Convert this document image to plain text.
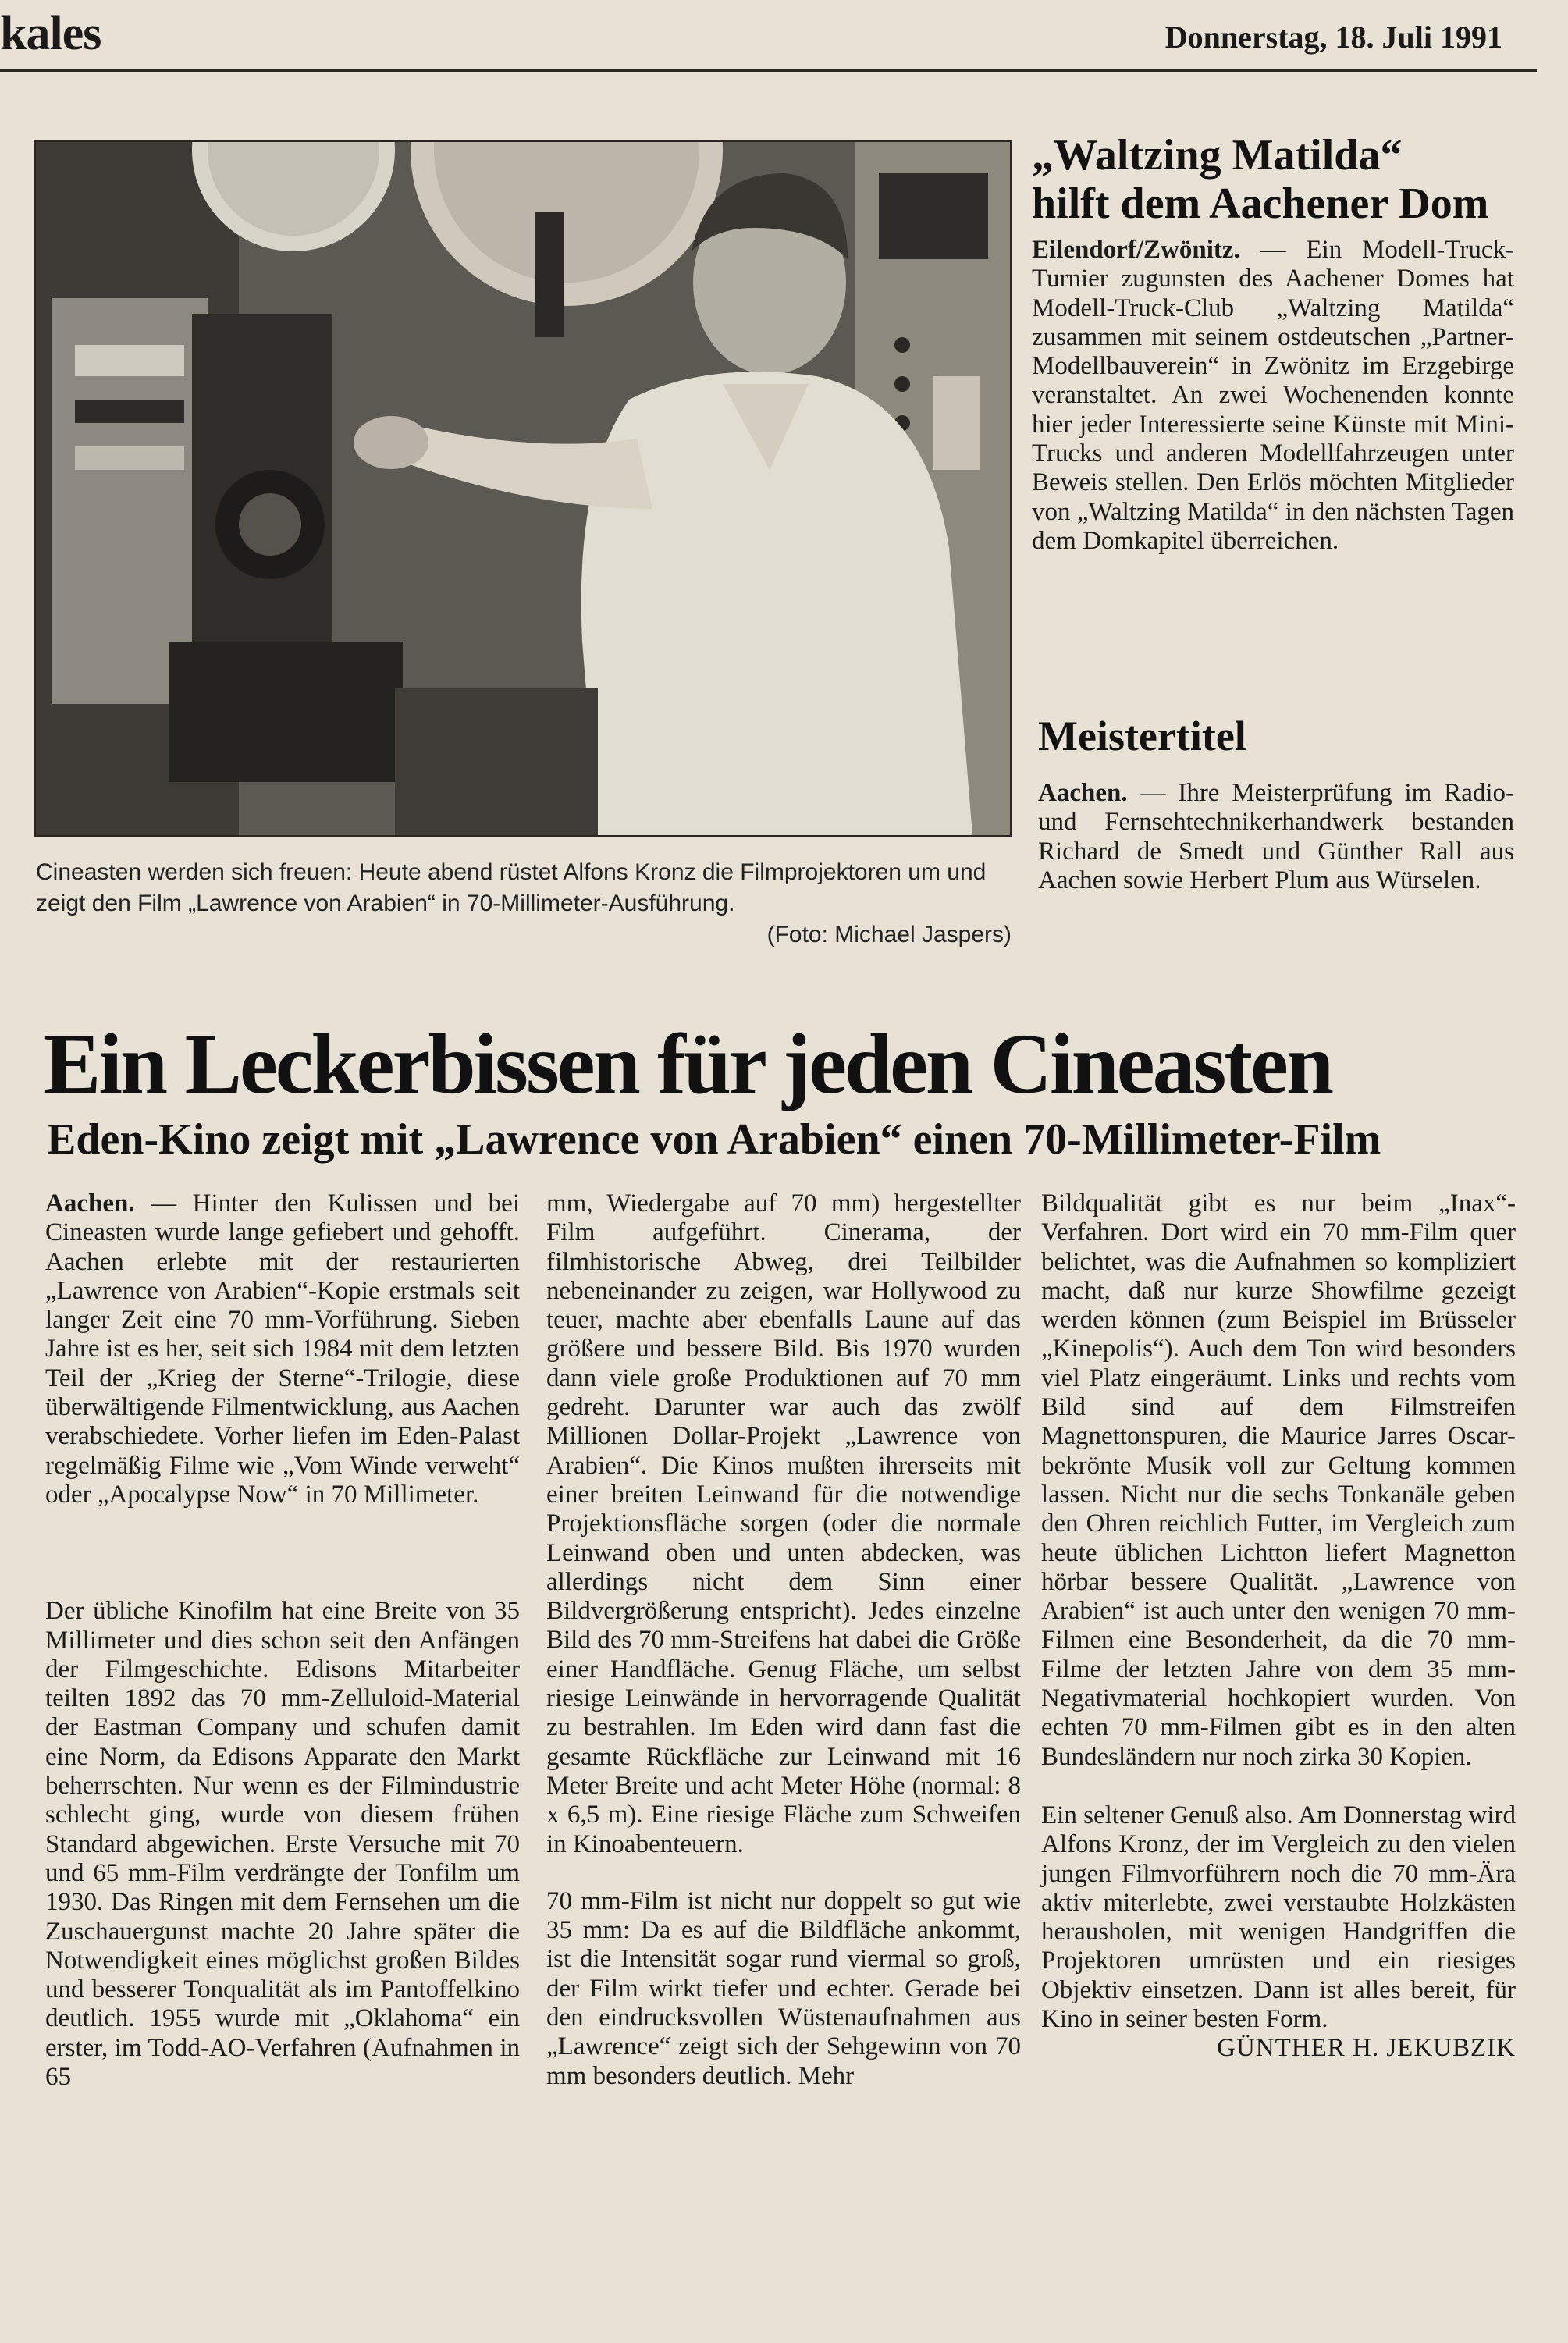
kales	Donnerstag, 18. Juli 1991
Cineasten werden sich freuen: Heute abend rüstet Alfons Kronz die Filmprojektoren um und zeigt den Film „Lawrence von Arabien“ in 70-Millimeter-Ausführung.
(Foto: Michael Jaspers)
„Waltzing Matilda“
hilft dem Aachener Dom
Eilendorf/Zwönitz. — Ein Modell-Truck-Turnier zugunsten des Aachener Domes hat Modell-Truck-Club „Waltzing Matilda“ zusammen mit seinem ostdeutschen „Partner-Modellbauverein“ in Zwönitz im Erzgebirge veranstaltet. An zwei Wochenenden konnte hier jeder Interessierte seine Künste mit Mini-Trucks und anderen Modellfahrzeugen unter Beweis stellen. Den Erlös möchten Mitglieder von „Waltzing Matilda“ in den nächsten Tagen dem Domkapitel überreichen.
Meistertitel
Aachen. — Ihre Meisterprüfung im Radio- und Fernsehtechnikerhandwerk bestanden Richard de Smedt und Günther Rall aus Aachen sowie Herbert Plum aus Würselen.
Ein Leckerbissen für jeden Cineasten
Eden-Kino zeigt mit „Lawrence von Arabien“ einen 70-Millimeter-Film
Aachen. — Hinter den Kulissen und bei Cineasten wurde lange gefiebert und gehofft. Aachen erlebte mit der restaurierten „Lawrence von Arabien“-Kopie erstmals seit langer Zeit eine 70 mm-Vorführung. Sieben Jahre ist es her, seit sich 1984 mit dem letzten Teil der „Krieg der Sterne“-Trilogie, diese überwältigende Filmentwicklung, aus Aachen verabschiedete. Vorher liefen im Eden-Palast regelmäßig Filme wie „Vom Winde verweht“ oder „Apocalypse Now“ in 70 Millimeter.
Der übliche Kinofilm hat eine Breite von 35 Millimeter und dies schon seit den Anfängen der Filmgeschichte. Edisons Mitarbeiter teilten 1892 das 70 mm-Zelluloid-Material der Eastman Company und schufen damit eine Norm, da Edisons Apparate den Markt beherrschten. Nur wenn es der Filmindustrie schlecht ging, wurde von diesem frühen Standard abgewichen. Erste Versuche mit 70 und 65 mm-Film verdrängte der Tonfilm um 1930. Das Ringen mit dem Fernsehen um die Zuschauergunst machte 20 Jahre später die Notwendigkeit eines möglichst großen Bildes und besserer Tonqualität als im Pantoffelkino deutlich. 1955 wurde mit „Oklahoma“ ein erster, im Todd-AO-Verfahren (Aufnahmen in 65
mm, Wiedergabe auf 70 mm) hergestellter Film aufgeführt. Cinerama, der filmhistorische Abweg, drei Teilbilder nebeneinander zu zeigen, war Hollywood zu teuer, machte aber ebenfalls Laune auf das größere und bessere Bild. Bis 1970 wurden dann viele große Produktionen auf 70 mm gedreht. Darunter war auch das zwölf Millionen Dollar-Projekt „Lawrence von Arabien“. Die Kinos mußten ihrerseits mit einer breiten Leinwand für die notwendige Projektionsfläche sorgen (oder die normale Leinwand oben und unten abdecken, was allerdings nicht dem Sinn einer Bildvergrößerung entspricht). Jedes einzelne Bild des 70 mm-Streifens hat dabei die Größe einer Handfläche. Genug Fläche, um selbst riesige Leinwände in hervorragende Qualität zu bestrahlen. Im Eden wird dann fast die gesamte Rückfläche zur Leinwand mit 16 Meter Breite und acht Meter Höhe (normal: 8 x 6,5 m). Eine riesige Fläche zum Schweifen in Kinoabenteuern.
70 mm-Film ist nicht nur doppelt so gut wie 35 mm: Da es auf die Bildfläche ankommt, ist die Intensität sogar rund viermal so groß, der Film wirkt tiefer und echter. Gerade bei den eindrucksvollen Wüstenaufnahmen aus „Lawrence“ zeigt sich der Sehgewinn von 70 mm besonders deutlich. Mehr
Bildqualität gibt es nur beim „Inax“-Verfahren. Dort wird ein 70 mm-Film quer belichtet, was die Aufnahmen so kompliziert macht, daß nur kurze Showfilme gezeigt werden können (zum Beispiel im Brüsseler „Kinepolis“). Auch dem Ton wird besonders viel Platz eingeräumt. Links und rechts vom Bild sind auf dem Filmstreifen Magnettonspuren, die Maurice Jarres Oscar-bekrönte Musik voll zur Geltung kommen lassen. Nicht nur die sechs Tonkanäle geben den Ohren reichlich Futter, im Vergleich zum heute üblichen Lichtton liefert Magnetton hörbar bessere Qualität. „Lawrence von Arabien“ ist auch unter den wenigen 70 mm-Filmen eine Besonderheit, da die 70 mm-Filme der letzten Jahre von dem 35 mm-Negativmaterial hochkopiert wurden. Von echten 70 mm-Filmen gibt es in den alten Bundesländern nur noch zirka 30 Kopien.
Ein seltener Genuß also. Am Donnerstag wird Alfons Kronz, der im Vergleich zu den vielen jungen Filmvorführern noch die 70 mm-Ära aktiv miterlebte, zwei verstaubte Holzkästen herausholen, mit wenigen Handgriffen die Projektoren umrüsten und ein riesiges Objektiv einsetzen. Dann ist alles bereit, für Kino in seiner besten Form.
GÜNTHER H. JEKUBZIK
